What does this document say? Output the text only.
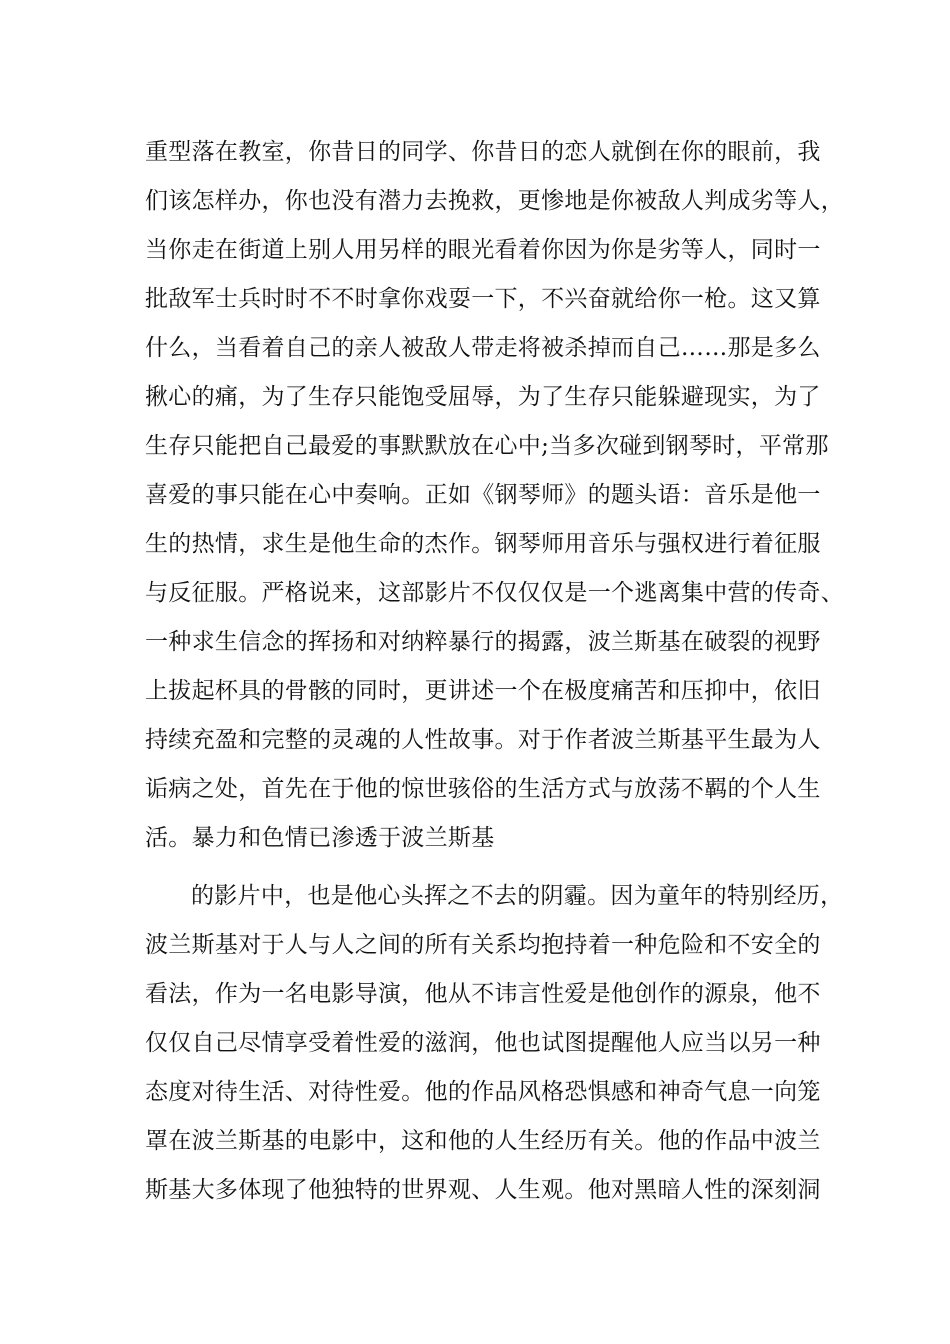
重型落在教室，你昔日的同学、你昔日的恋人就倒在你的眼前，我
们该怎样办，你也没有潜力去挽救，更惨地是你被敌人判成劣等人，
当你走在街道上别人用另样的眼光看着你因为你是劣等人，同时一
批敌军士兵时时不不时拿你戏耍一下，不兴奋就给你一枪。这又算
什么，当看着自己的亲人被敌人带走将被杀掉而自己……那是多么
揪心的痛，为了生存只能饱受屈辱，为了生存只能躲避现实，为了
生存只能把自己最爱的事默默放在心中;当多次碰到钢琴时，平常那
喜爱的事只能在心中奏响。正如《钢琴师》的题头语：音乐是他一
生的热情，求生是他生命的杰作。钢琴师用音乐与强权进行着征服
与反征服。严格说来，这部影片不仅仅仅是一个逃离集中营的传奇、
一种求生信念的挥扬和对纳粹暴行的揭露，波兰斯基在破裂的视野
上拔起杯具的骨骸的同时，更讲述一个在极度痛苦和压抑中，依旧
持续充盈和完整的灵魂的人性故事。对于作者波兰斯基平生最为人
诟病之处，首先在于他的惊世骇俗的生活方式与放荡不羁的个人生
活。暴力和色情已渗透于波兰斯基
的影片中，也是他心头挥之不去的阴霾。因为童年的特别经历，
波兰斯基对于人与人之间的所有关系均抱持着一种危险和不安全的
看法，作为一名电影导演，他从不讳言性爱是他创作的源泉，他不
仅仅自己尽情享受着性爱的滋润，他也试图提醒他人应当以另一种
态度对待生活、对待性爱。他的作品风格恐惧感和神奇气息一向笼
罩在波兰斯基的电影中，这和他的人生经历有关。他的作品中波兰
斯基大多体现了他独特的世界观、人生观。他对黑暗人性的深刻洞
